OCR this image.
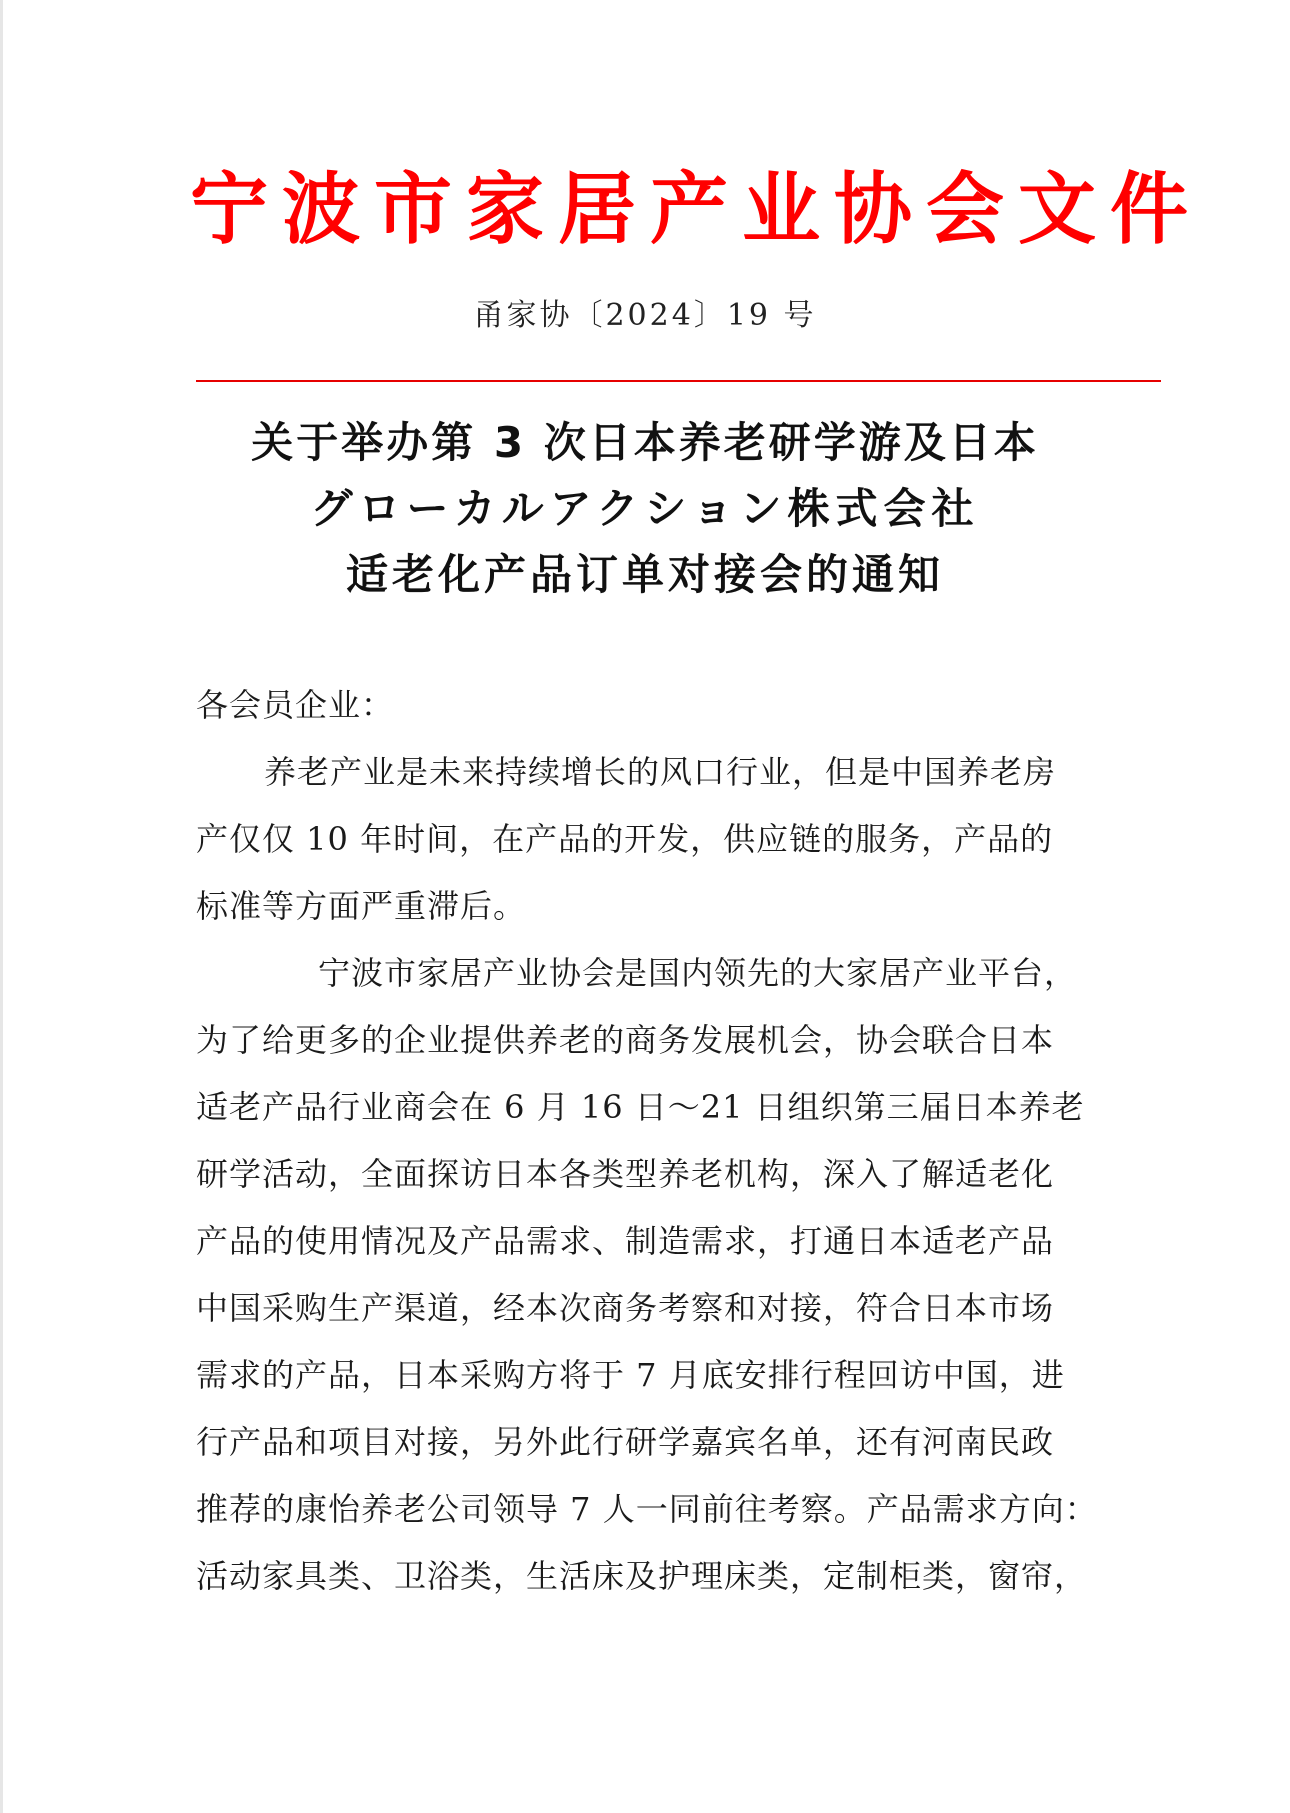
宁波市家居产业协会文件
甬家协〔2024〕19 号
关于举办第 3 次日本养老研学游及日本
グローカルアクション株式会社
适老化产品订单对接会的通知
各会员企业：
养老产业是未来持续增长的风口行业，但是中国养老房
产仅仅 10 年时间，在产品的开发，供应链的服务，产品的
标准等方面严重滞后。
宁波市家居产业协会是国内领先的大家居产业平台，
为了给更多的企业提供养老的商务发展机会，协会联合日本
适老产品行业商会在 6 月 16 日～21 日组织第三届日本养老
研学活动，全面探访日本各类型养老机构，深入了解适老化
产品的使用情况及产品需求、制造需求，打通日本适老产品
中国采购生产渠道，经本次商务考察和对接，符合日本市场
需求的产品，日本采购方将于 7 月底安排行程回访中国，进
行产品和项目对接，另外此行研学嘉宾名单，还有河南民政
推荐的康怡养老公司领导 7 人一同前往考察。产品需求方向：
活动家具类、卫浴类，生活床及护理床类，定制柜类，窗帘，
